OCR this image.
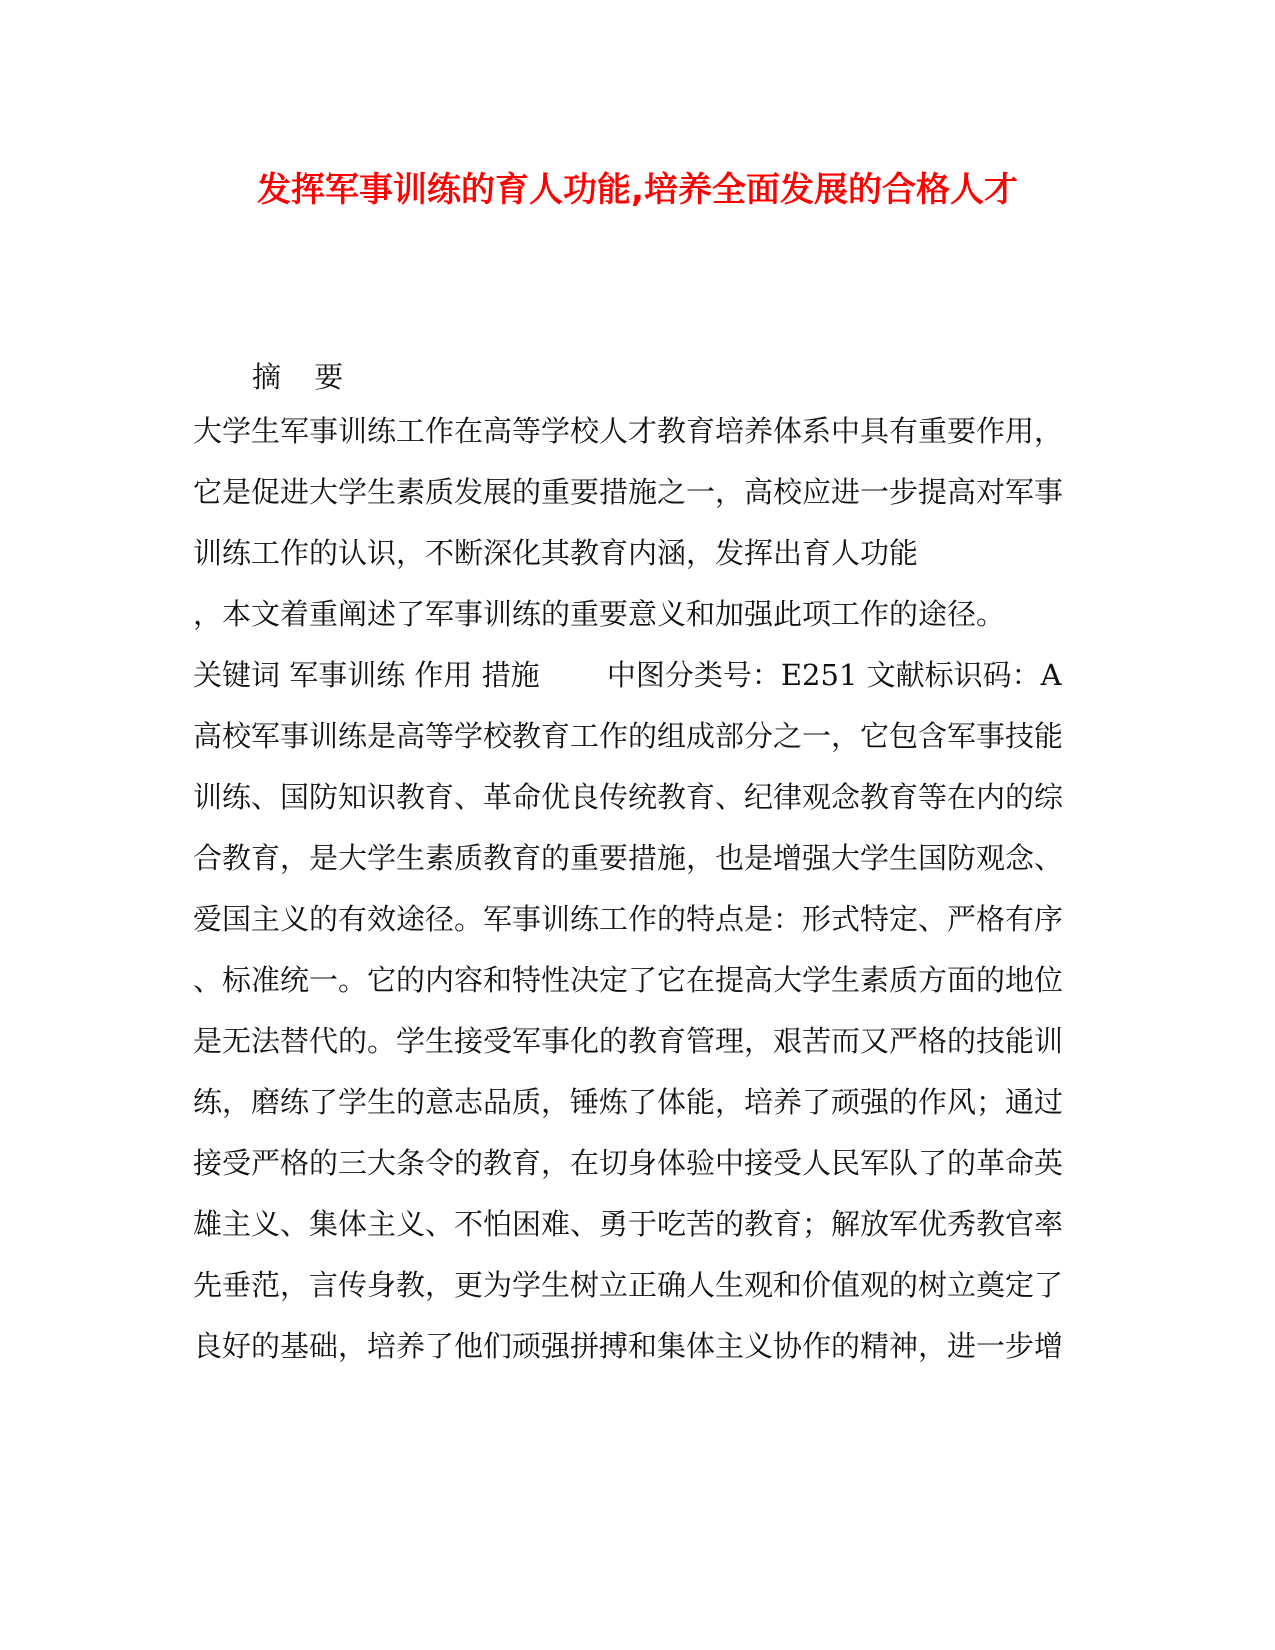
发挥军事训练的育人功能,培养全面发展的合格人才

摘 要

大学生军事训练工作在高等学校人才教育培养体系中具有重要作用，

它是促进大学生素质发展的重要措施之一，高校应进一步提高对军事

训练工作的认识，不断深化其教育内涵，发挥出育人功能

，本文着重阐述了军事训练的重要意义和加强此项工作的途径。

关键词 军事训练 作用 措施 　　中图分类号：E251 文献标识码：A

高校军事训练是高等学校教育工作的组成部分之一，它包含军事技能

训练、国防知识教育、革命优良传统教育、纪律观念教育等在内的综

合教育，是大学生素质教育的重要措施，也是增强大学生国防观念、

爱国主义的有效途径。军事训练工作的特点是：形式特定、严格有序

、标准统一。它的内容和特性决定了它在提高大学生素质方面的地位

是无法替代的。学生接受军事化的教育管理，艰苦而又严格的技能训

练，磨练了学生的意志品质，锤炼了体能，培养了顽强的作风；通过

接受严格的三大条令的教育，在切身体验中接受人民军队了的革命英

雄主义、集体主义、不怕困难、勇于吃苦的教育；解放军优秀教官率

先垂范，言传身教，更为学生树立正确人生观和价值观的树立奠定了

良好的基础，培养了他们顽强拼搏和集体主义协作的精神，进一步增
